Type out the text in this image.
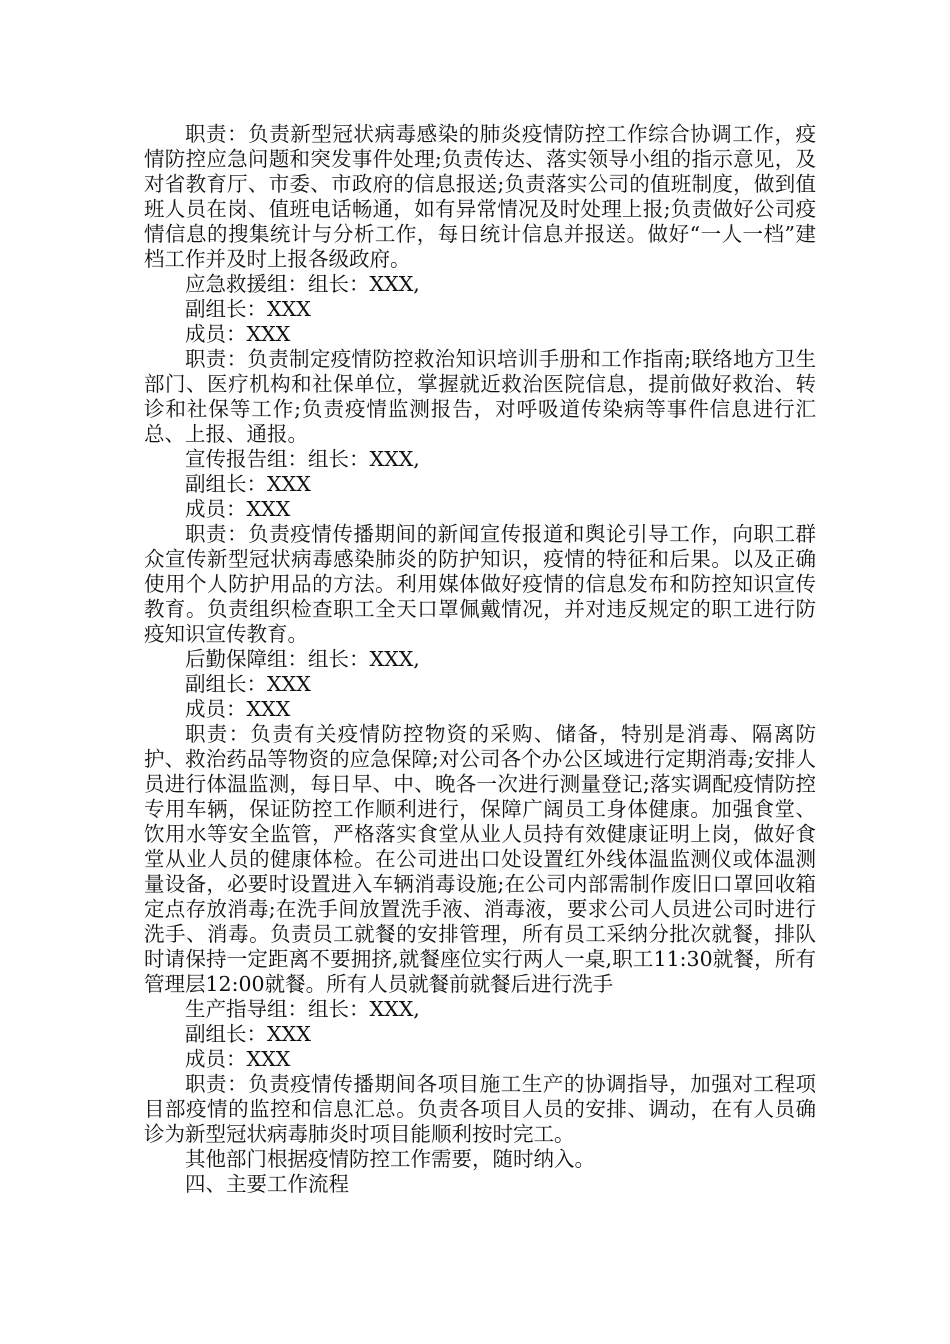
职责：负责新型冠状病毒感染的肺炎疫情防控工作综合协调工作，疫情防控应急问题和突发事件处理;负责传达、落实领导小组的指示意见，及对省教育厅、市委、市政府的信息报送;负责落实公司的值班制度，做到值班人员在岗、值班电话畅通，如有异常情况及时处理上报;负责做好公司疫情信息的搜集统计与分析工作，每日统计信息并报送。做好“一人一档”建档工作并及时上报各级政府。

应急救援组：组长：XXX,

副组长：XXX

成员：XXX

职责：负责制定疫情防控救治知识培训手册和工作指南;联络地方卫生部门、医疗机构和社保单位，掌握就近救治医院信息，提前做好救治、转诊和社保等工作;负责疫情监测报告，对呼吸道传染病等事件信息进行汇总、上报、通报。

宣传报告组：组长：XXX,

副组长：XXX

成员：XXX

职责：负责疫情传播期间的新闻宣传报道和舆论引导工作，向职工群众宣传新型冠状病毒感染肺炎的防护知识，疫情的特征和后果。以及正确使用个人防护用品的方法。利用媒体做好疫情的信息发布和防控知识宣传教育。负责组织检查职工全天口罩佩戴情况，并对违反规定的职工进行防疫知识宣传教育。

后勤保障组：组长：XXX,

副组长：XXX

成员：XXX

职责：负责有关疫情防控物资的采购、储备，特别是消毒、隔离防护、救治药品等物资的应急保障;对公司各个办公区域进行定期消毒;安排人员进行体温监测，每日早、中、晚各一次进行测量登记;落实调配疫情防控专用车辆，保证防控工作顺利进行，保障广阔员工身体健康。加强食堂、饮用水等安全监管，严格落实食堂从业人员持有效健康证明上岗，做好食堂从业人员的健康体检。在公司进出口处设置红外线体温监测仪或体温测量设备，必要时设置进入车辆消毒设施;在公司内部需制作废旧口罩回收箱定点存放消毒;在洗手间放置洗手液、消毒液，要求公司人员进公司时进行洗手、消毒。负责员工就餐的安排管理，所有员工采纳分批次就餐，排队时请保持一定距离不要拥挤,就餐座位实行两人一桌,职工11:30就餐，所有管理层12:00就餐。所有人员就餐前就餐后进行洗手

生产指导组：组长：XXX,

副组长：XXX

成员：XXX

职责：负责疫情传播期间各项目施工生产的协调指导，加强对工程项目部疫情的监控和信息汇总。负责各项目人员的安排、调动，在有人员确诊为新型冠状病毒肺炎时项目能顺利按时完工。

其他部门根据疫情防控工作需要，随时纳入。

四、主要工作流程
